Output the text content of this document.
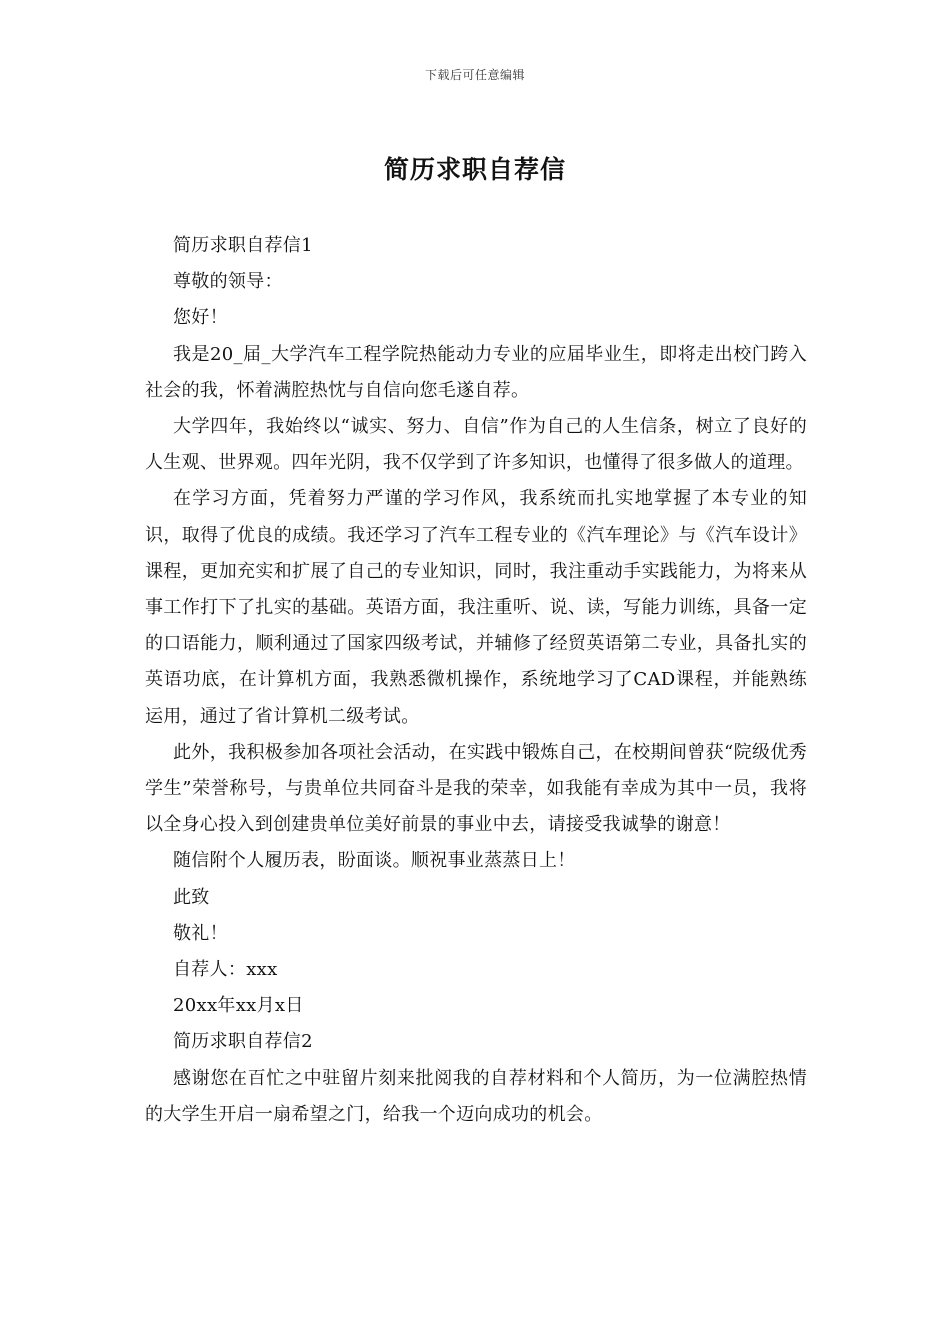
下载后可任意编辑
简历求职自荐信

简历求职自荐信1

尊敬的领导：

您好！

我是20_届_大学汽车工程学院热能动力专业的应届毕业生，即将走出校门跨入社会的我，怀着满腔热忱与自信向您毛遂自荐。

大学四年，我始终以“诚实、努力、自信”作为自己的人生信条，树立了良好的人生观、世界观。四年光阴，我不仅学到了许多知识，也懂得了很多做人的道理。

在学习方面，凭着努力严谨的学习作风，我系统而扎实地掌握了本专业的知识，取得了优良的成绩。我还学习了汽车工程专业的《汽车理论》与《汽车设计》课程，更加充实和扩展了自己的专业知识，同时，我注重动手实践能力，为将来从事工作打下了扎实的基础。英语方面，我注重听、说、读，写能力训练，具备一定的口语能力，顺利通过了国家四级考试，并辅修了经贸英语第二专业，具备扎实的英语功底，在计算机方面，我熟悉微机操作，系统地学习了CAD课程，并能熟练运用，通过了省计算机二级考试。

此外，我积极参加各项社会活动，在实践中锻炼自己，在校期间曾获“院级优秀学生”荣誉称号，与贵单位共同奋斗是我的荣幸，如我能有幸成为其中一员，我将以全身心投入到创建贵单位美好前景的事业中去，请接受我诚挚的谢意！

随信附个人履历表，盼面谈。顺祝事业蒸蒸日上！

此致

敬礼！

自荐人：xxx

20xx年xx月x日

简历求职自荐信2

感谢您在百忙之中驻留片刻来批阅我的自荐材料和个人简历，为一位满腔热情的大学生开启一扇希望之门，给我一个迈向成功的机会。
